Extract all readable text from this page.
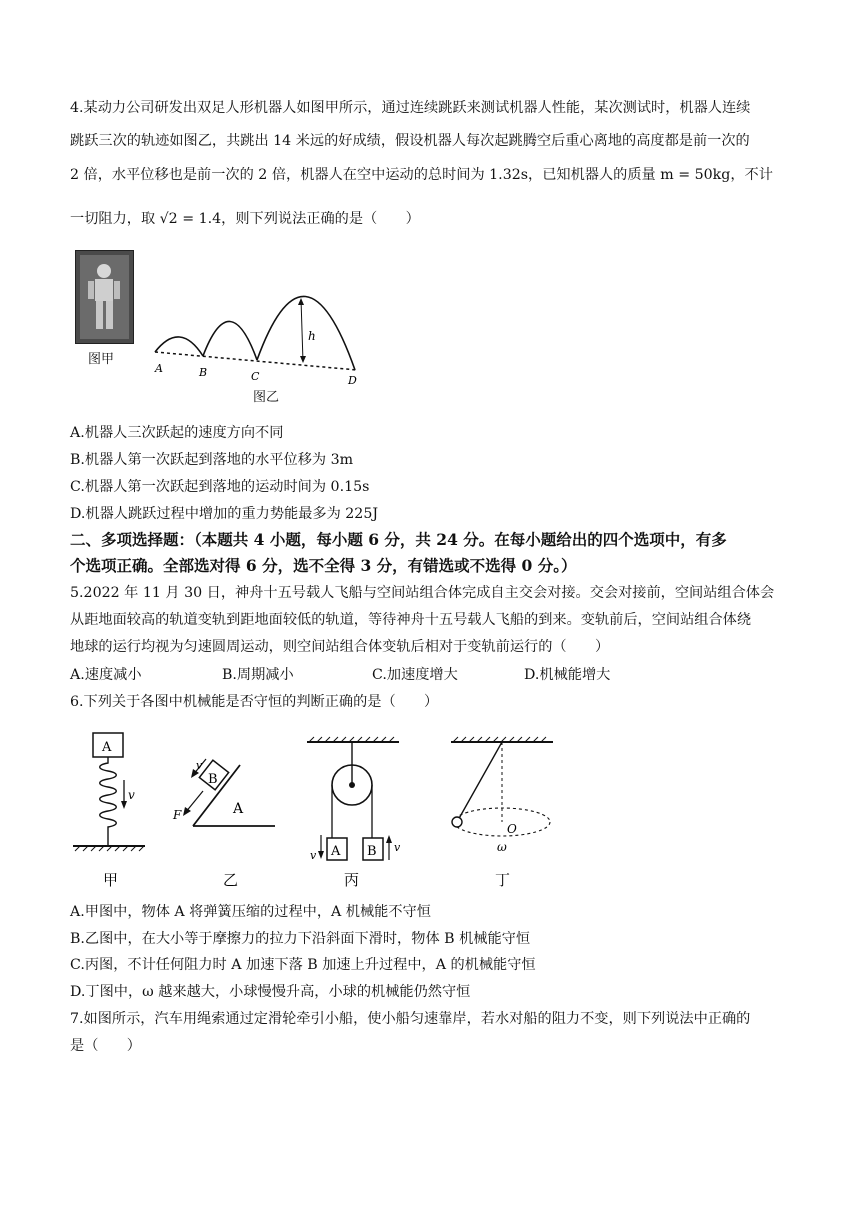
4.某动力公司研发出双足人形机器人如图甲所示，通过连续跳跃来测试机器人性能，某次测试时，机器人连续
跳跃三次的轨迹如图乙，共跳出 14 米远的好成绩，假设机器人每次起跳腾空后重心离地的高度都是前一次的
2 倍，水平位移也是前一次的 2 倍，机器人在空中运动的总时间为 1.32s，已知机器人的质量 m = 50kg，不计
一切阻力，取 √2 = 1.4，则下列说法正确的是（　　）
图甲
h
A	B	C	D
图乙
A.机器人三次跃起的速度方向不同
B.机器人第一次跃起到落地的水平位移为 3m
C.机器人第一次跃起到落地的运动时间为 0.15s
D.机器人跳跃过程中增加的重力势能最多为 225J
二、多项选择题：（本题共 4 小题，每小题 6 分，共 24 分。在每小题给出的四个选项中，有多
个选项正确。全部选对得 6 分，选不全得 3 分，有错选或不选得 0 分。）
5.2022 年 11 月 30 日，神舟十五号载人飞船与空间站组合体完成自主交会对接。交会对接前，空间站组合体会
从距地面较高的轨道变轨到距地面较低的轨道，等待神舟十五号载人飞船的到来。变轨前后，空间站组合体绕
地球的运行均视为匀速圆周运动，则空间站组合体变轨后相对于变轨前运行的（　　）
A.速度减小	B.周期减小	C.加速度增大	D.机械能增大
6.下列关于各图中机械能是否守恒的判断正确的是（　　）
A
v
甲
B
v
F	A
乙
A B
v
v
丙
O
ω
丁
A.甲图中，物体 A 将弹簧压缩的过程中，A 机械能不守恒
B.乙图中，在大小等于摩擦力的拉力下沿斜面下滑时，物体 B 机械能守恒
C.丙图，不计任何阻力时 A 加速下落 B 加速上升过程中，A 的机械能守恒
D.丁图中，ω 越来越大，小球慢慢升高，小球的机械能仍然守恒
7.如图所示，汽车用绳索通过定滑轮牵引小船，使小船匀速靠岸，若水对船的阻力不变，则下列说法中正确的
是（　　）
